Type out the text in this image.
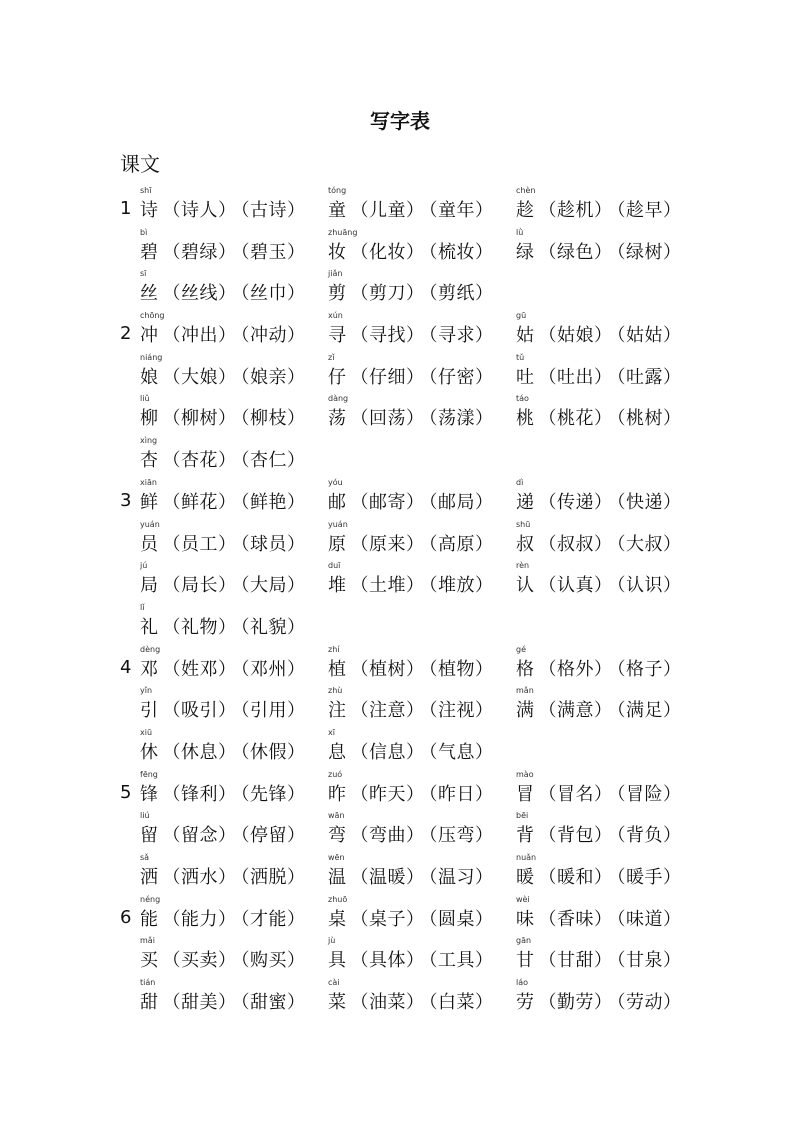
写字表
课文
1
shī
诗 （诗人） （古诗）
tóng
童 （儿童） （童年）
chèn
趁 （趁机） （趁早）
bì
碧 （碧绿） （碧玉）
zhuāng
妆 （化妆） （梳妆）
lǜ
绿 （绿色） （绿树）
sī
丝 （丝线） （丝巾）
jiǎn
剪 （剪刀） （剪纸）
2
chōng
冲 （冲出） （冲动）
xún
寻 （寻找） （寻求）
gū
姑 （姑娘） （姑姑）
niáng
娘 （大娘） （娘亲）
zǐ
仔 （仔细） （仔密）
tǔ
吐 （吐出） （吐露）
liǔ
柳 （柳树） （柳枝）
dàng
荡 （回荡） （荡漾）
táo
桃 （桃花） （桃树）
xìng
杏 （杏花） （杏仁）
3
xiān
鲜 （鲜花） （鲜艳）
yóu
邮 （邮寄） （邮局）
dì
递 （传递） （快递）
yuán
员 （员工） （球员）
yuán
原 （原来） （高原）
shū
叔 （叔叔） （大叔）
jú
局 （局长） （大局）
duī
堆 （土堆） （堆放）
rèn
认 （认真） （认识）
lǐ
礼 （礼物） （礼貌）
4
dèng
邓 （姓邓） （邓州）
zhí
植 （植树） （植物）
gé
格 （格外） （格子）
yǐn
引 （吸引） （引用）
zhù
注 （注意） （注视）
mǎn
满 （满意） （满足）
xiū
休 （休息） （休假）
xī
息 （信息） （气息）
5
fēng
锋 （锋利） （先锋）
zuó
昨 （昨天） （昨日）
mào
冒 （冒名） （冒险）
liú
留 （留念） （停留）
wān
弯 （弯曲） （压弯）
bēi
背 （背包） （背负）
sǎ
洒 （洒水） （洒脱）
wēn
温 （温暖） （温习）
nuǎn
暖 （暖和） （暖手）
6
néng
能 （能力） （才能）
zhuō
桌 （桌子） （圆桌）
wèi
味 （香味） （味道）
mǎi
买 （买卖） （购买）
jù
具 （具体） （工具）
gān
甘 （甘甜） （甘泉）
tián
甜 （甜美） （甜蜜）
cài
菜 （油菜） （白菜）
láo
劳 （勤劳） （劳动）
